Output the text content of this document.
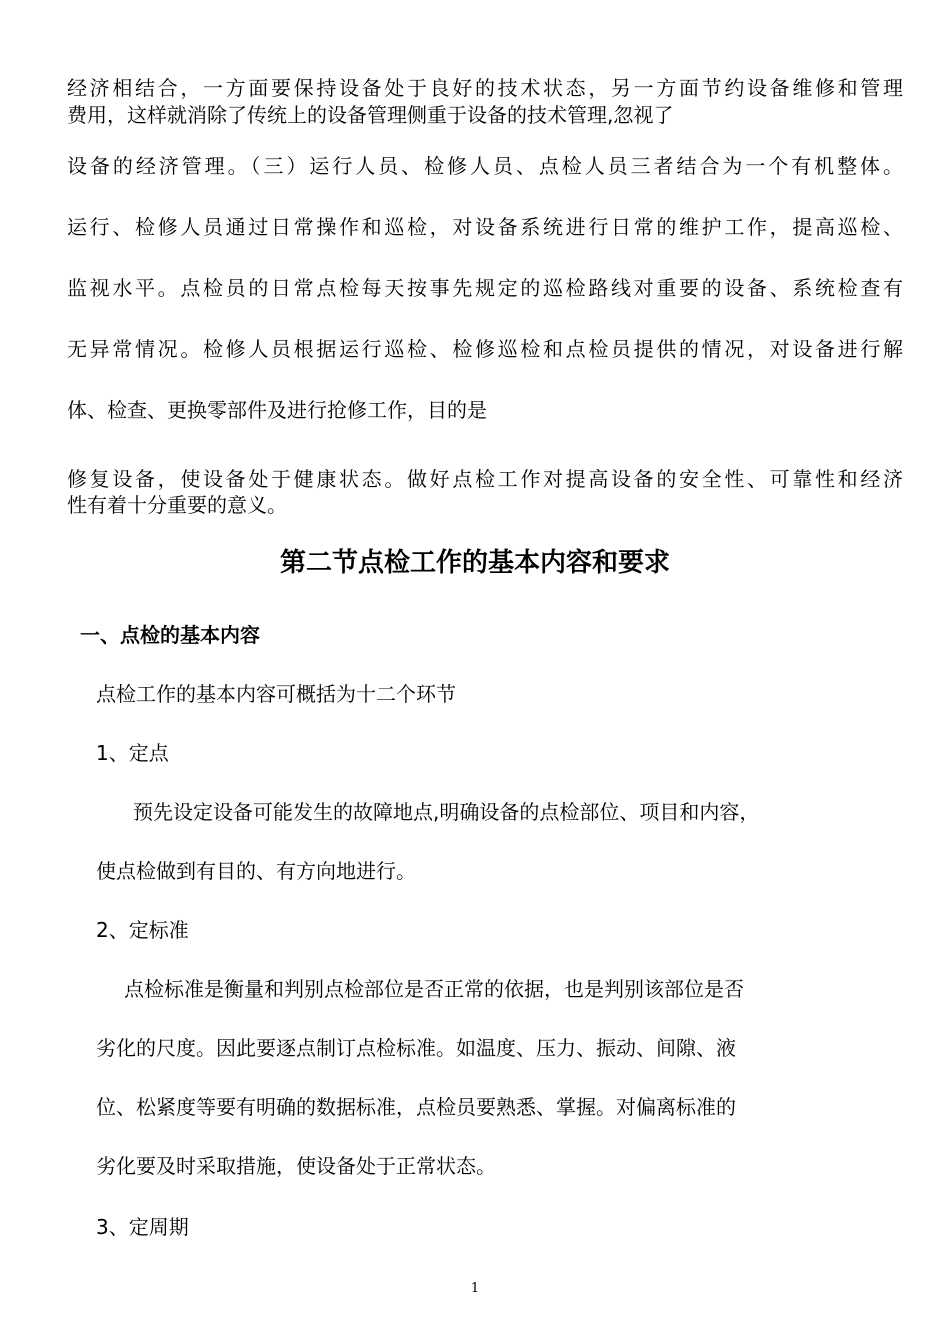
经济相结合，一方面要保持设备处于良好的技术状态，另一方面节约设备维修和管理
费用，这样就消除了传统上的设备管理侧重于设备的技术管理,忽视了
设备的经济管理。（三）运行人员、检修人员、点检人员三者结合为一个有机整体。
运行、检修人员通过日常操作和巡检，对设备系统进行日常的维护工作，提高巡检、
监视水平。点检员的日常点检每天按事先规定的巡检路线对重要的设备、系统检查有
无异常情况。检修人员根据运行巡检、检修巡检和点检员提供的情况，对设备进行解
体、检查、更换零部件及进行抢修工作，目的是
修复设备，使设备处于健康状态。做好点检工作对提高设备的安全性、可靠性和经济
性有着十分重要的意义。
第二节点检工作的基本内容和要求
一、点检的基本内容
点检工作的基本内容可概括为十二个环节
1、定点
预先设定设备可能发生的故障地点,明确设备的点检部位、项目和内容，
使点检做到有目的、有方向地进行。
2、定标准
点检标准是衡量和判别点检部位是否正常的依据，也是判别该部位是否
劣化的尺度。因此要逐点制订点检标准。如温度、压力、振动、间隙、液
位、松紧度等要有明确的数据标准，点检员要熟悉、掌握。对偏离标准的
劣化要及时采取措施，使设备处于正常状态。
3、定周期
1
